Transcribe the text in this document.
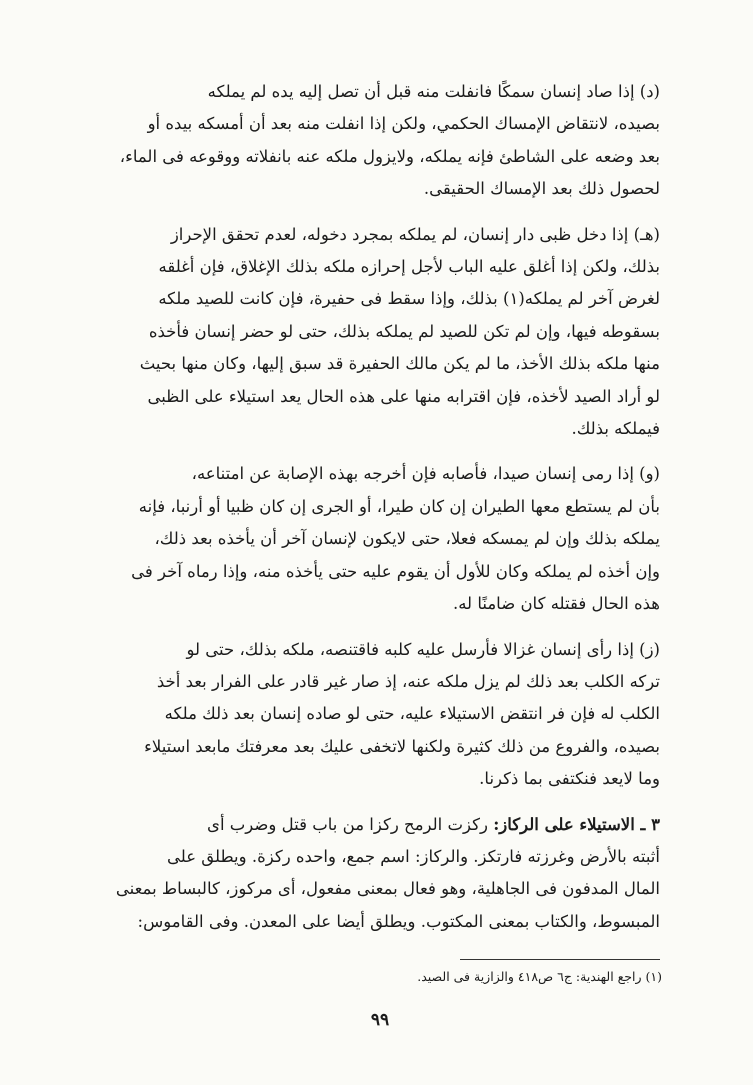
(د) إذا صاد إنسان سمكًا فانفلت منه قبل أن تصل إليه يده لم يملكه
بصيده، لانتقاض الإمساك الحكمي، ولكن إذا انفلت منه بعد أن أمسكه بيده أو
بعد وضعه على الشاطئ فإنه يملكه، ولايزول ملكه عنه بانفلاته ووقوعه فى الماء،
لحصول ذلك بعد الإمساك الحقيقى.
(هـ) إذا دخل ظبى دار إنسان، لم يملكه بمجرد دخوله، لعدم تحقق الإحراز
بذلك، ولكن إذا أغلق عليه الباب لأجل إحرازه ملكه بذلك الإغلاق، فإن أغلقه
لغرض آخر لم يملكه(١) بذلك، وإذا سقط فى حفيرة، فإن كانت للصيد ملكه
بسقوطه فيها، وإن لم تكن للصيد لم يملكه بذلك، حتى لو حضر إنسان فأخذه
منها ملكه بذلك الأخذ، ما لم يكن مالك الحفيرة قد سبق إليها، وكان منها بحيث
لو أراد الصيد لأخذه، فإن اقترابه منها على هذه الحال يعد استيلاء على الظبى
فيملكه بذلك.
(و) إذا رمى إنسان صيدا، فأصابه فإن أخرجه بهذه الإصابة عن امتناعه،
بأن لم يستطع معها الطيران إن كان طيرا، أو الجرى إن كان ظبيا أو أرنبا، فإنه
يملكه بذلك وإن لم يمسكه فعلا، حتى لايكون لإنسان آخر أن يأخذه بعد ذلك،
وإن أخذه لم يملكه وكان للأول أن يقوم عليه حتى يأخذه منه، وإذا رماه آخر فى
هذه الحال فقتله كان ضامنًا له.
(ز) إذا رأى إنسان غزالا فأرسل عليه كلبه فاقتنصه، ملكه بذلك، حتى لو
تركه الكلب بعد ذلك لم يزل ملكه عنه، إذ صار غير قادر على الفرار بعد أخذ
الكلب له فإن فر انتقض الاستيلاء عليه، حتى لو صاده إنسان بعد ذلك ملكه
بصيده، والفروع من ذلك كثيرة ولكنها لاتخفى عليك بعد معرفتك مابعد استيلاء
وما لايعد فنكتفى بما ذكرنا.
٣ ـ الاستيلاء على الركاز: ركزت الرمح ركزا من باب قتل وضرب أى
أثبته بالأرض وغرزته فارتكز. والركاز: اسم جمع، واحده ركزة. ويطلق على
المال المدفون فى الجاهلية، وهو فعال بمعنى مفعول، أى مركوز، كالبساط بمعنى
المبسوط، والكتاب بمعنى المكتوب. ويطلق أيضا على المعدن. وفى القاموس:
(١) راجع الهندية: ج٦ ص٤١٨ والزازية فى الصيد.
٩٩
